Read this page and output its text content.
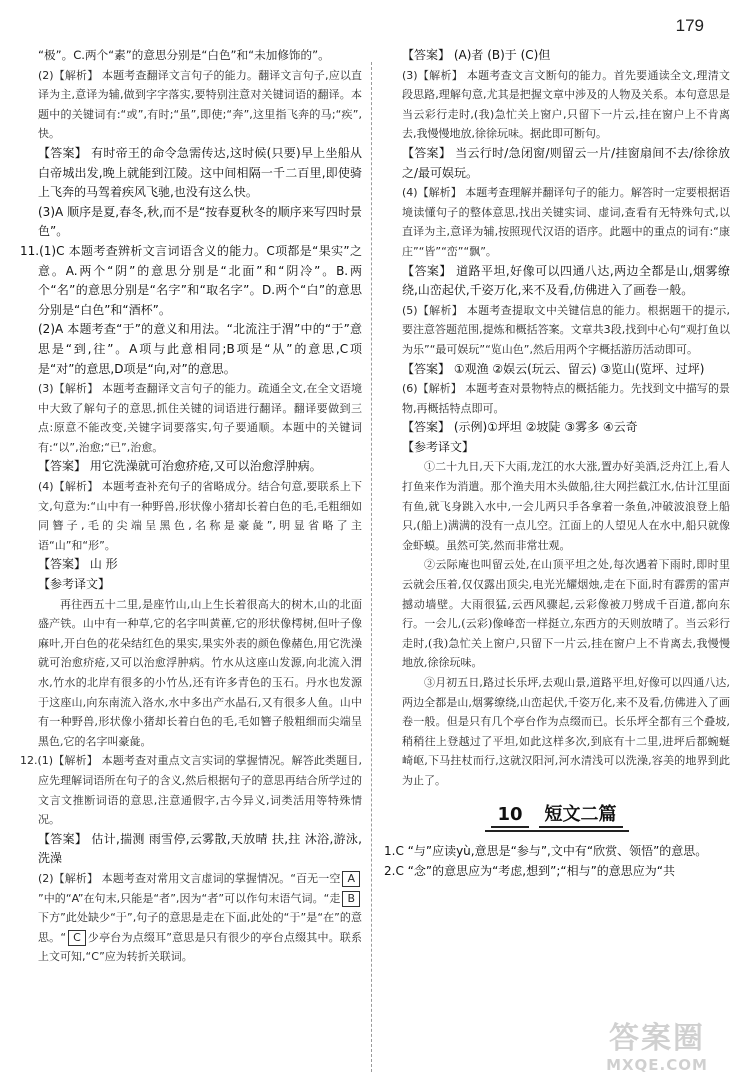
179

“极”。C.两个“素”的意思分别是“白色”和“未加修饰的”。

(2)【解析】 本题考查翻译文言句子的能力。翻译文言句子,应以直译为主,意译为辅,做到字字落实,要特别注意对关键词语的翻译。本题中的关键词有:“或”,有时;“虽”,即使;“奔”,这里指飞奔的马;“疾”,快。

【答案】 有时帝王的命令急需传达,这时候(只要)早上坐船从白帝城出发,晚上就能到江陵。这中间相隔一千二百里,即使骑上飞奔的马驾着疾风飞驰,也没有这么快。

(3)A 顺序是夏,春冬,秋,而不是“按春夏秋冬的顺序来写四时景色”。

11.(1)C 本题考查辨析文言词语含义的能力。C项都是“果实”之意。A.两个“阴”的意思分别是“北面”和“阴冷”。B.两个“名”的意思分别是“名字”和“取名字”。D.两个“白”的意思分别是“白色”和“酒杯”。

(2)A 本题考查“于”的意义和用法。“北流注于渭”中的“于”意思是“到,往”。A项与此意相同;B项是“从”的意思,C项是“对”的意思,D项是“向,对”的意思。

(3)【解析】 本题考查翻译文言句子的能力。疏通全文,在全文语境中大致了解句子的意思,抓住关键的词语进行翻译。翻译要做到三点:原意不能改变,关键字词要落实,句子要通顺。本题中的关键词有:“以”,治愈;“已”,治愈。

【答案】 用它洗澡就可治愈疥疮,又可以治愈浮肿病。

(4)【解析】 本题考查补充句子的省略成分。结合句意,要联系上下文,句意为:“山中有一种野兽,形状像小猪却长着白色的毛,毛粗细如同簪子,毛的尖端呈黑色,名称是豪彘”,明显省略了主语“山”和“形”。

【答案】 山 形

【参考译文】

再往西五十二里,是座竹山,山上生长着很高大的树木,山的北面盛产铁。山中有一种草,它的名字叫黄雚,它的形状像樗树,但叶子像麻叶,开白色的花朵结红色的果实,果实外表的颜色像赭色,用它洗澡就可治愈疥疮,又可以治愈浮肿病。竹水从这座山发源,向北流入渭水,竹水的北岸有很多的小竹丛,还有许多青色的玉石。丹水也发源于这座山,向东南流入洛水,水中多出产水晶石,又有很多人鱼。山中有一种野兽,形状像小猪却长着白色的毛,毛如簪子般粗细而尖端呈黑色,它的名字叫豪彘。

12.(1)【解析】 本题考查对重点文言实词的掌握情况。解答此类题目,应先理解词语所在句子的含义,然后根据句子的意思再结合所学过的文言文推断词语的意思,注意通假字,古今异义,词类活用等特殊情况。

【答案】 估计,揣测 雨雪停,云雾散,天放晴 扶,拄 沐浴,游泳,洗澡

(2)【解析】 本题考查对常用文言虚词的掌握情况。“百无一空 A”中的“A”在句末,只能是“者”,因为“者”可以作句末语气词。“走 B下方”此处缺少“于”,句子的意思是走在下面,此处的“于”是“在”的意思。“ C 少亭台为点缀耳”意思是只有很少的亭台点缀其中。联系上文可知,“C”应为转折关联词。

【答案】 (A)者 (B)于 (C)但

(3)【解析】 本题考查文言文断句的能力。首先要通读全文,理清文段思路,理解句意,尤其是把握文章中涉及的人物及关系。本句意思是当云彩行走时,(我)急忙关上窗户,只留下一片云,挂在窗户上不肯离去,我慢慢地放,徐徐玩味。据此即可断句。

【答案】 当云行时/急闭窗/则留云一片/挂窗扇间不去/徐徐放之/最可娱玩。

(4)【解析】 本题考查理解并翻译句子的能力。解答时一定要根据语境读懂句子的整体意思,找出关键实词、虚词,查看有无特殊句式,以直译为主,意译为辅,按照现代汉语的语序。此题中的重点的词有:“康庄”“皆”“峦”“飘”。

【答案】 道路平坦,好像可以四通八达,两边全都是山,烟雾缭绕,山峦起伏,千姿万化,来不及看,仿佛进入了画卷一般。

(5)【解析】 本题考查提取文中关键信息的能力。根据题干的提示,要注意答题范围,提炼和概括答案。文章共3段,找到中心句“观打鱼以为乐”“最可娱玩”“览山色”,然后用两个字概括游历活动即可。

【答案】 ①观渔 ②娱云(玩云、留云) ③览山(览坪、过坪)

(6)【解析】 本题考查对景物特点的概括能力。先找到文中描写的景物,再概括特点即可。

【答案】 (示例)①坪坦 ②坡陡 ③雾多 ④云奇

【参考译文】

①二十九日,天下大雨,龙江的水大涨,置办好美酒,泛舟江上,看人打鱼来作为消遣。那个渔夫用木头做船,往大网拦截江水,估计江里面有鱼,就飞身跳入水中,一会儿两只手各拿着一条鱼,冲破波浪登上船只,(船上)满满的没有一点儿空。江面上的人望见人在水中,船只就像金虾蟆。虽然可笑,然而非常壮观。

②云际庵也叫留云处,在山顶平坦之处,每次遇着下雨时,即时里云就会压着,仅仅露出顶尖,电光光耀烟烛,走在下面,时有霹雳的雷声撼动墙壁。大雨很猛,云西风骤起,云彩像被刀劈成千百道,都向东行。一会儿,(云彩)像峰峦一样挺立,东西方的天则放晴了。当云彩行走时,(我)急忙关上窗户,只留下一片云,挂在窗户上不肯离去,我慢慢地放,徐徐玩味。

③月初五日,路过长乐坪,去观山景,道路平坦,好像可以四通八达,两边全都是山,烟雾缭绕,山峦起伏,千姿万化,来不及看,仿佛进入了画卷一般。但是只有几个亭台作为点缀而已。长乐坪全都有三个叠坡,稍稍往上登越过了平坦,如此这样多次,到底有十二里,进坪后都蜿蜒崎岖,下马拄杖而行,这就汉阳河,河水清浅可以洗澡,容美的地界到此为止了。

10 短文二篇

1.C “与”应读yù,意思是“参与”,文中有“欣赏、领悟”的意思。

2.C “念”的意思应为“考虑,想到”;“相与”的意思应为“共

答案圈
MXQE.COM
